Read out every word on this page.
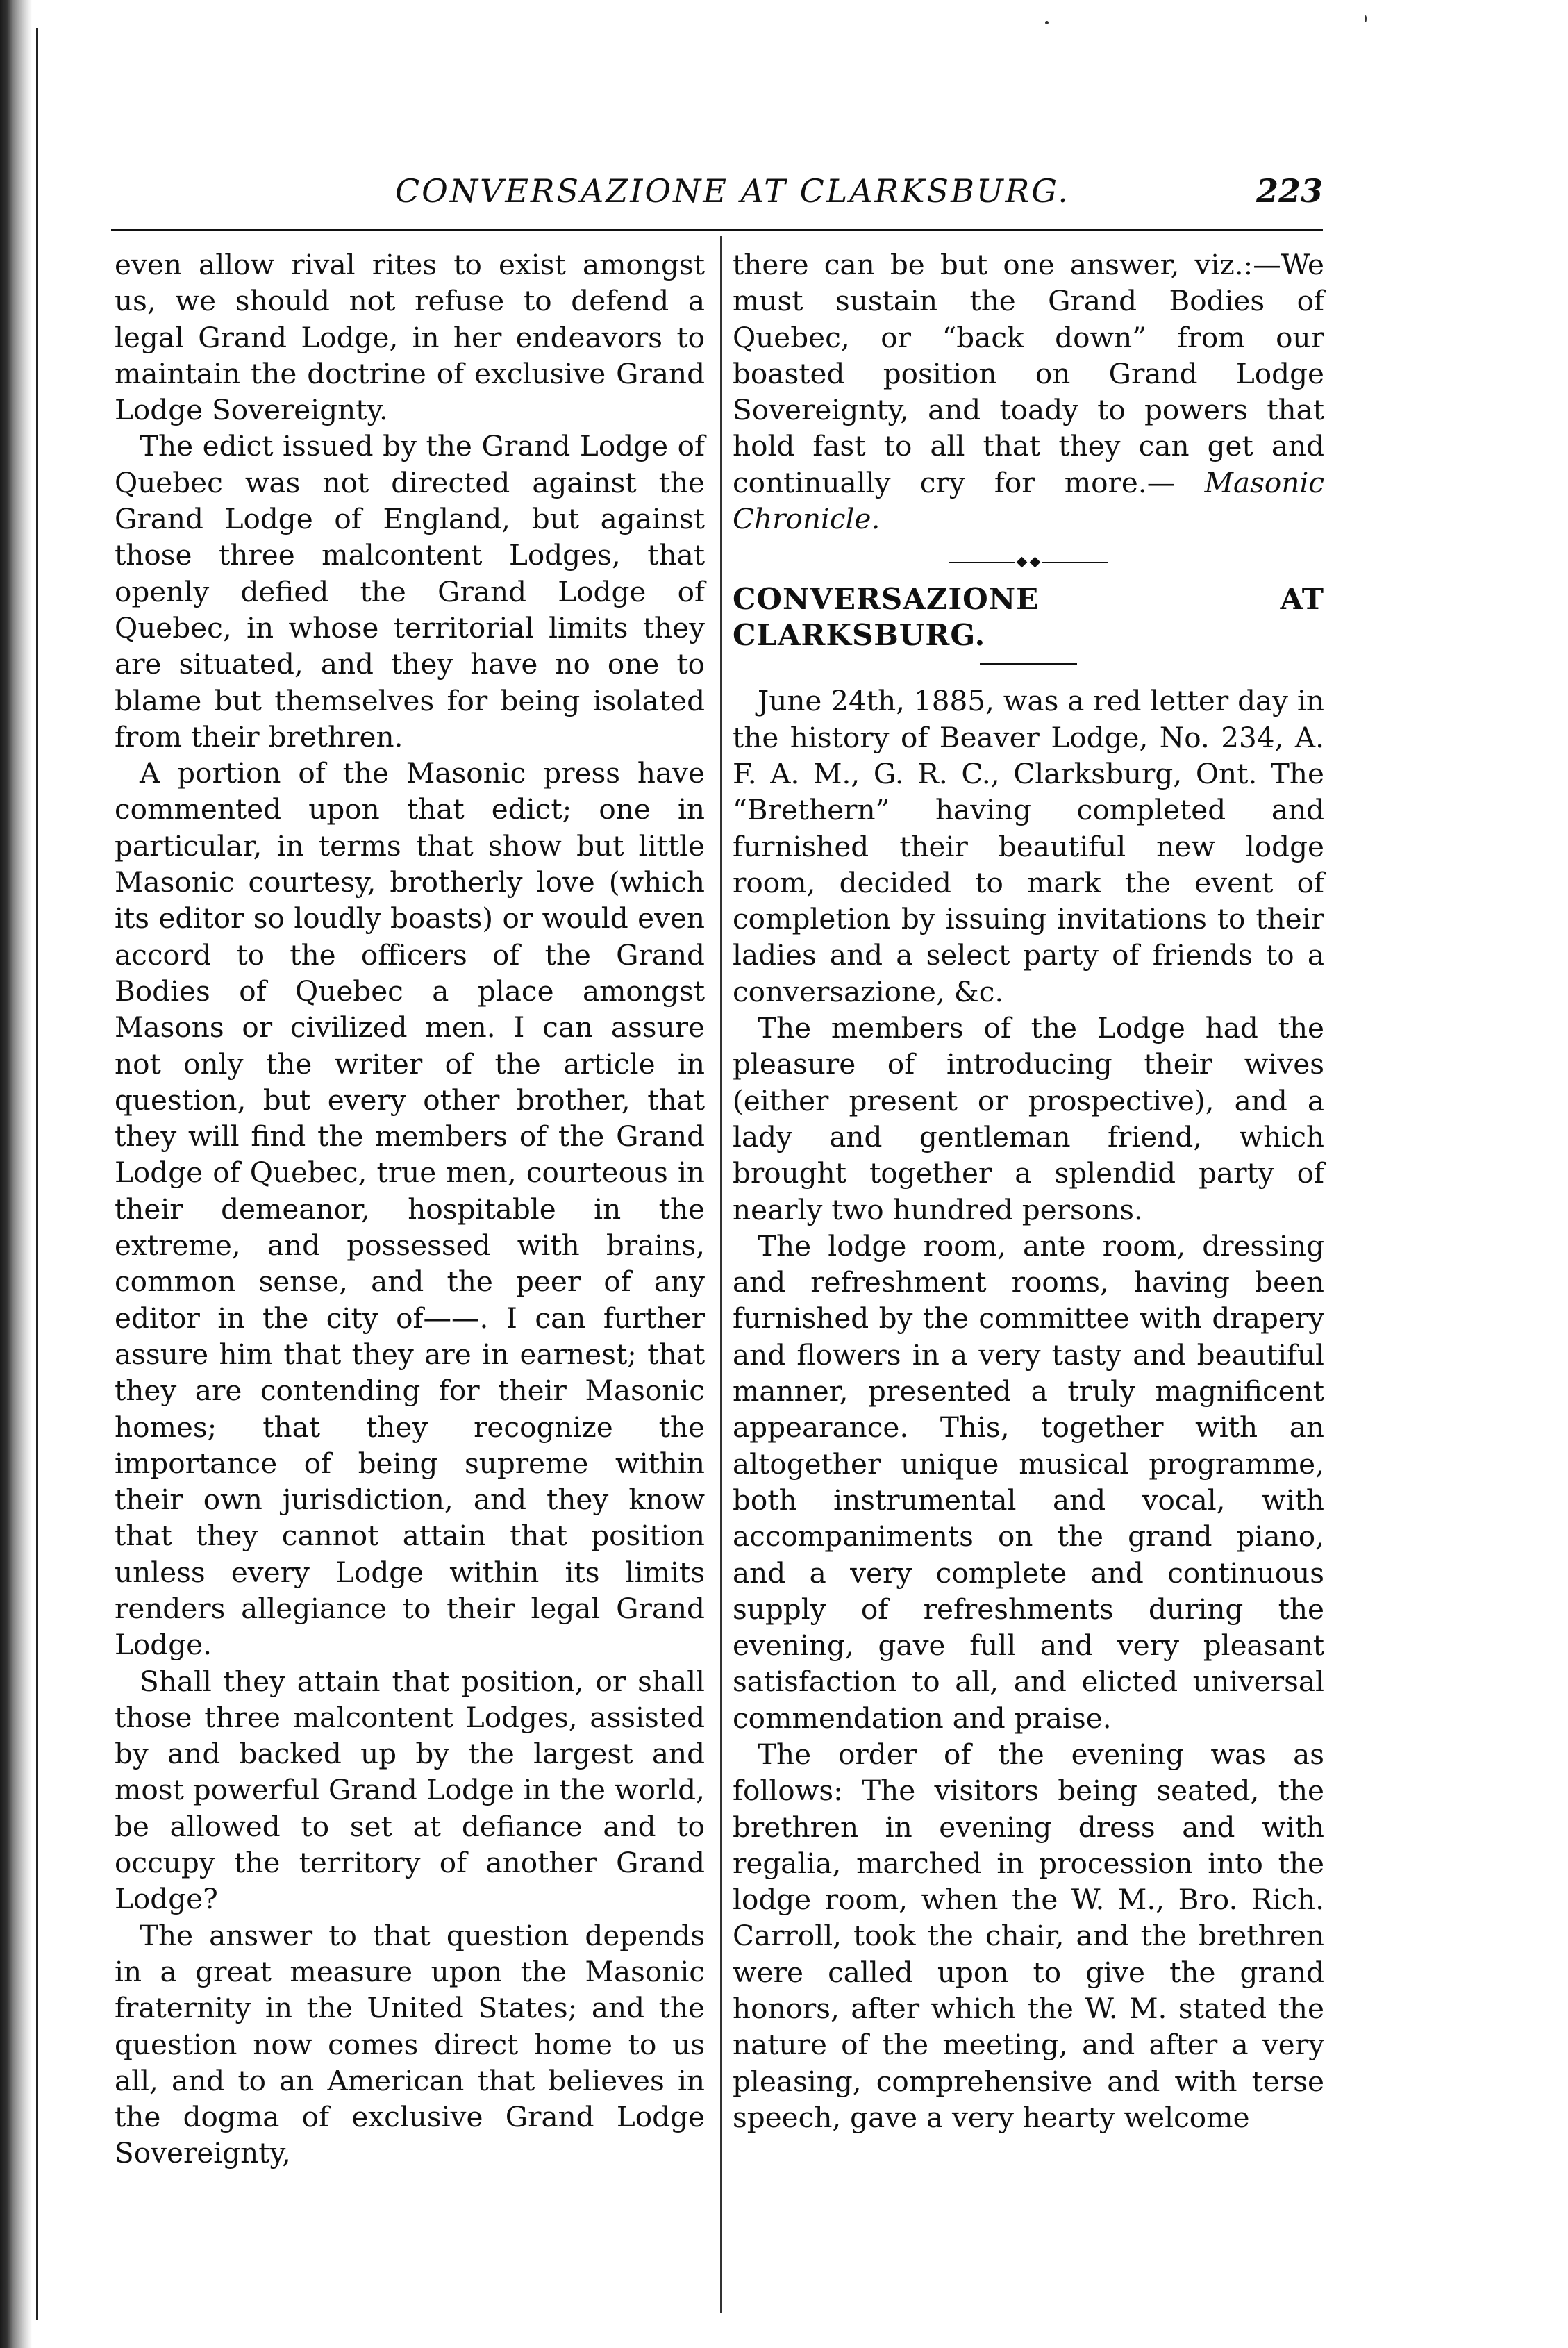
CONVERSAZIONE AT CLARKSBURG.	223

even allow rival rites to exist amongst us, we should not refuse to defend a legal Grand Lodge, in her endeavors to maintain the doctrine of exclusive Grand Lodge Sovereignty.

The edict issued by the Grand Lodge of Quebec was not directed against the Grand Lodge of England, but against those three malcontent Lodges, that openly defied the Grand Lodge of Quebec, in whose territorial limits they are situated, and they have no one to blame but themselves for being isolated from their brethren.

A portion of the Masonic press have commented upon that edict; one in particular, in terms that show but little Masonic courtesy, brotherly love (which its editor so loudly boasts) or would even accord to the officers of the Grand Bodies of Quebec a place amongst Masons or civilized men. I can assure not only the writer of the article in question, but every other brother, that they will find the members of the Grand Lodge of Quebec, true men, courteous in their demeanor, hospitable in the extreme, and possessed with brains, common sense, and the peer of any editor in the city of——. I can further assure him that they are in earnest; that they are contending for their Masonic homes; that they recognize the importance of being supreme within their own jurisdiction, and they know that they cannot attain that position unless every Lodge within its limits renders allegiance to their legal Grand Lodge.

Shall they attain that position, or shall those three malcontent Lodges, assisted by and backed up by the largest and most powerful Grand Lodge in the world, be allowed to set at defiance and to occupy the territory of another Grand Lodge?

The answer to that question depends in a great measure upon the Masonic fraternity in the United States; and the question now comes direct home to us all, and to an American that believes in the dogma of exclusive Grand Lodge Sovereignty,

there can be but one answer, viz.:—We must sustain the Grand Bodies of Quebec, or “back down” from our boasted position on Grand Lodge Sovereignty, and toady to powers that hold fast to all that they can get and continually cry for more.— Masonic Chronicle.

CONVERSAZIONE AT CLARKSBURG.

June 24th, 1885, was a red letter day in the history of Beaver Lodge, No. 234, A. F. A. M., G. R. C., Clarksburg, Ont. The “Brethern” having completed and furnished their beautiful new lodge room, decided to mark the event of completion by issuing invitations to their ladies and a select party of friends to a conversazione, &c.

The members of the Lodge had the pleasure of introducing their wives (either present or prospective), and a lady and gentleman friend, which brought together a splendid party of nearly two hundred persons.

The lodge room, ante room, dressing and refreshment rooms, having been furnished by the committee with drapery and flowers in a very tasty and beautiful manner, presented a truly magnificent appearance. This, together with an altogether unique musical programme, both instrumental and vocal, with accompaniments on the grand piano, and a very complete and continuous supply of refreshments during the evening, gave full and very pleasant satisfaction to all, and elicted universal commendation and praise.

The order of the evening was as follows: The visitors being seated, the brethren in evening dress and with regalia, marched in procession into the lodge room, when the W. M., Bro. Rich. Carroll, took the chair, and the brethren were called upon to give the grand honors, after which the W. M. stated the nature of the meeting, and after a very pleasing, comprehensive and with terse speech, gave a very hearty welcome
